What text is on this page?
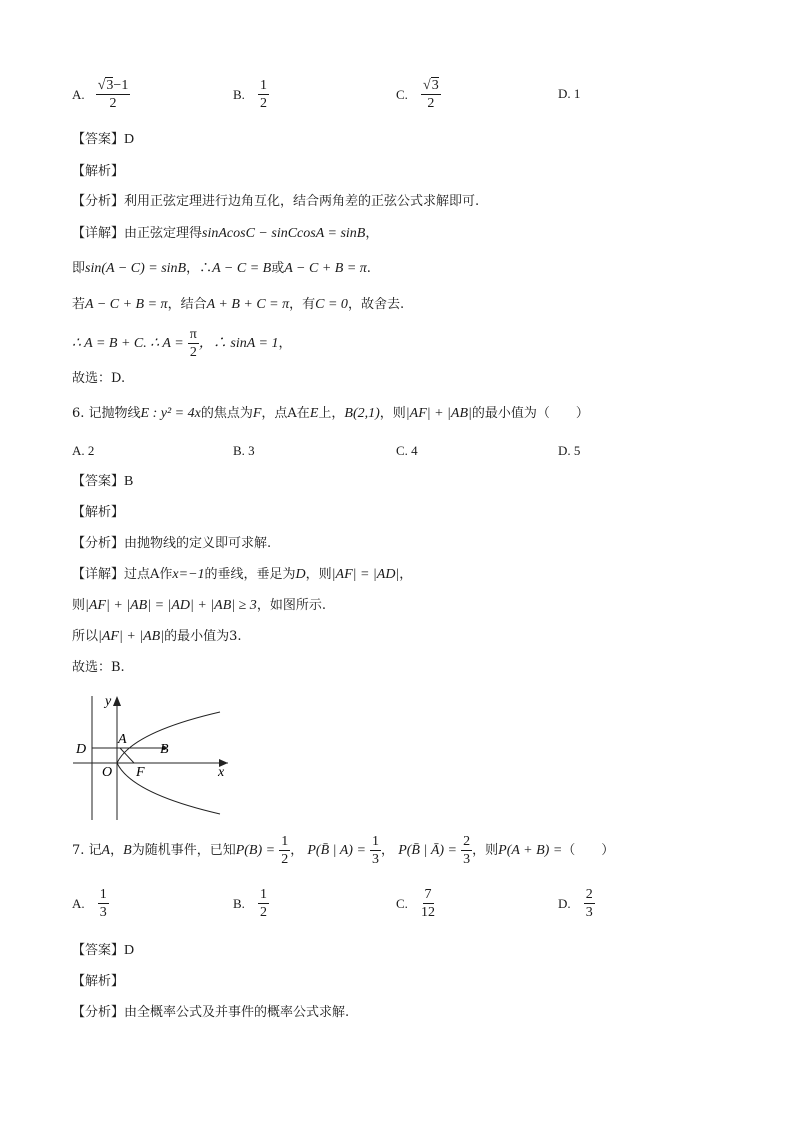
A. $\frac{√3-1}{2}$	B. $\frac{1}{2}$	C. $\frac{√3}{2}$	D. 1
【答案】D
【解析】
【分析】利用正弦定理进行边角互化，结合两角差的正弦公式求解即可.
【详解】由正弦定理得sinAcosC − sinCcosA = sinB，
即sin(A − C) = sinB，∴A − C = B或A − C + B = π.
若A − C + B = π，结合A + B + C = π，有C = 0，故舍去.
∴ A = B + C. ∴ $A = \frac{\pi}{2}$ ，∴ sinA = 1，
故选：D.
6. 记抛物线E : y² = 4x的焦点为F，点A在E上，B(2,1)，则|AF| + |AB|的最小值为（　　）
A. 2	B. 3	C. 4	D. 5
【答案】B
【解析】
【分析】由抛物线的定义即可求解.
【详解】过点A作x=−1的垂线，垂足为D，则|AF| = |AD|，
则|AF| + |AB| = |AD| + |AB| ≥ 3，如图所示.
所以|AF| + |AB|的最小值为3.
故选：B.
y
x
D
A
B
O F
7. 记A，B为随机事件，已知$P(B) = \frac{1}{2}$ ， P(B̄ | $A) = \frac{1}{3}$ ， P(B̄ | Ā) = $\frac{2}{3}$ ，则P(A + B) =（　　）
A. $\frac{1}{3}$	B. $\frac{1}{2}$	C. $\frac{7}{12}$	D. $\frac{2}{3}$
【答案】D
【解析】
【分析】由全概率公式及并事件的概率公式求解.
